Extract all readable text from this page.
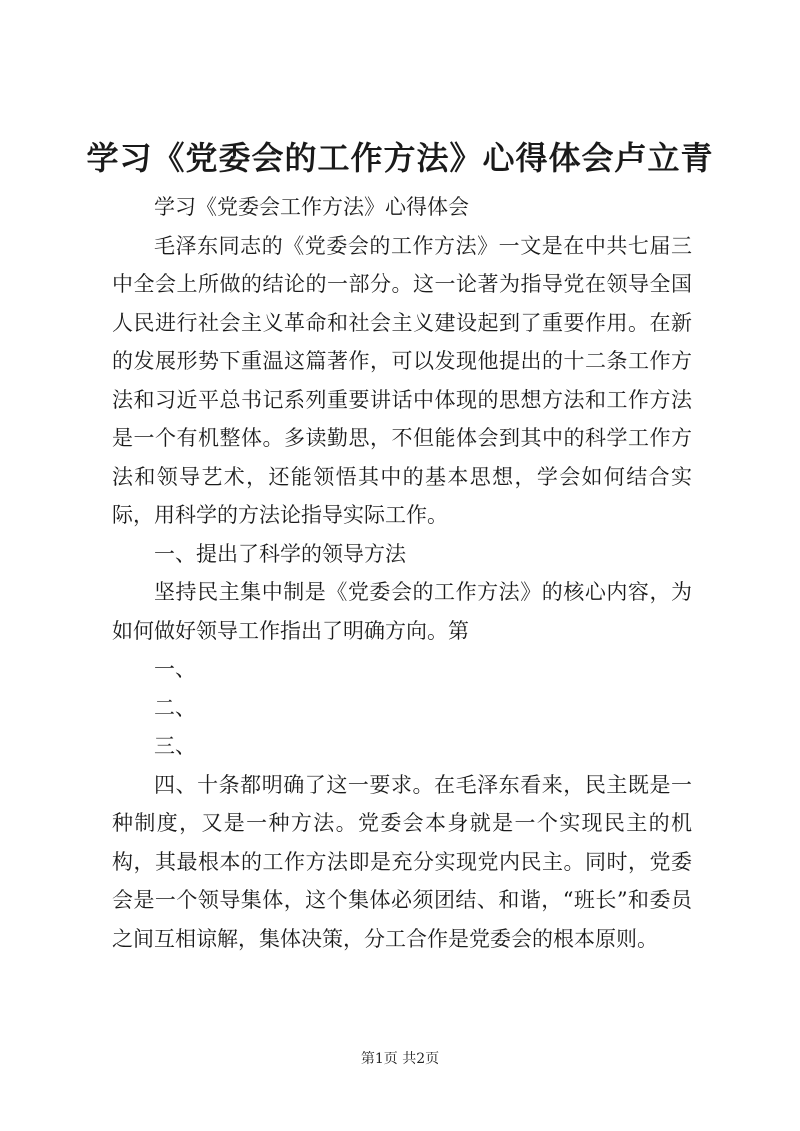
学习《党委会的工作方法》心得体会卢立青

学习《党委会工作方法》心得体会

毛泽东同志的《党委会的工作方法》一文是在中共七届三中全会上所做的结论的一部分。这一论著为指导党在领导全国人民进行社会主义革命和社会主义建设起到了重要作用。在新的发展形势下重温这篇著作，可以发现他提出的十二条工作方法和习近平总书记系列重要讲话中体现的思想方法和工作方法是一个有机整体。多读勤思，不但能体会到其中的科学工作方法和领导艺术，还能领悟其中的基本思想，学会如何结合实际，用科学的方法论指导实际工作。

一、提出了科学的领导方法

坚持民主集中制是《党委会的工作方法》的核心内容，为如何做好领导工作指出了明确方向。第

一、

二、

三、

四、十条都明确了这一要求。在毛泽东看来，民主既是一种制度，又是一种方法。党委会本身就是一个实现民主的机构，其最根本的工作方法即是充分实现党内民主。同时，党委会是一个领导集体，这个集体必须团结、和谐，“班长”和委员之间互相谅解，集体决策，分工合作是党委会的根本原则。

第1页 共2页
